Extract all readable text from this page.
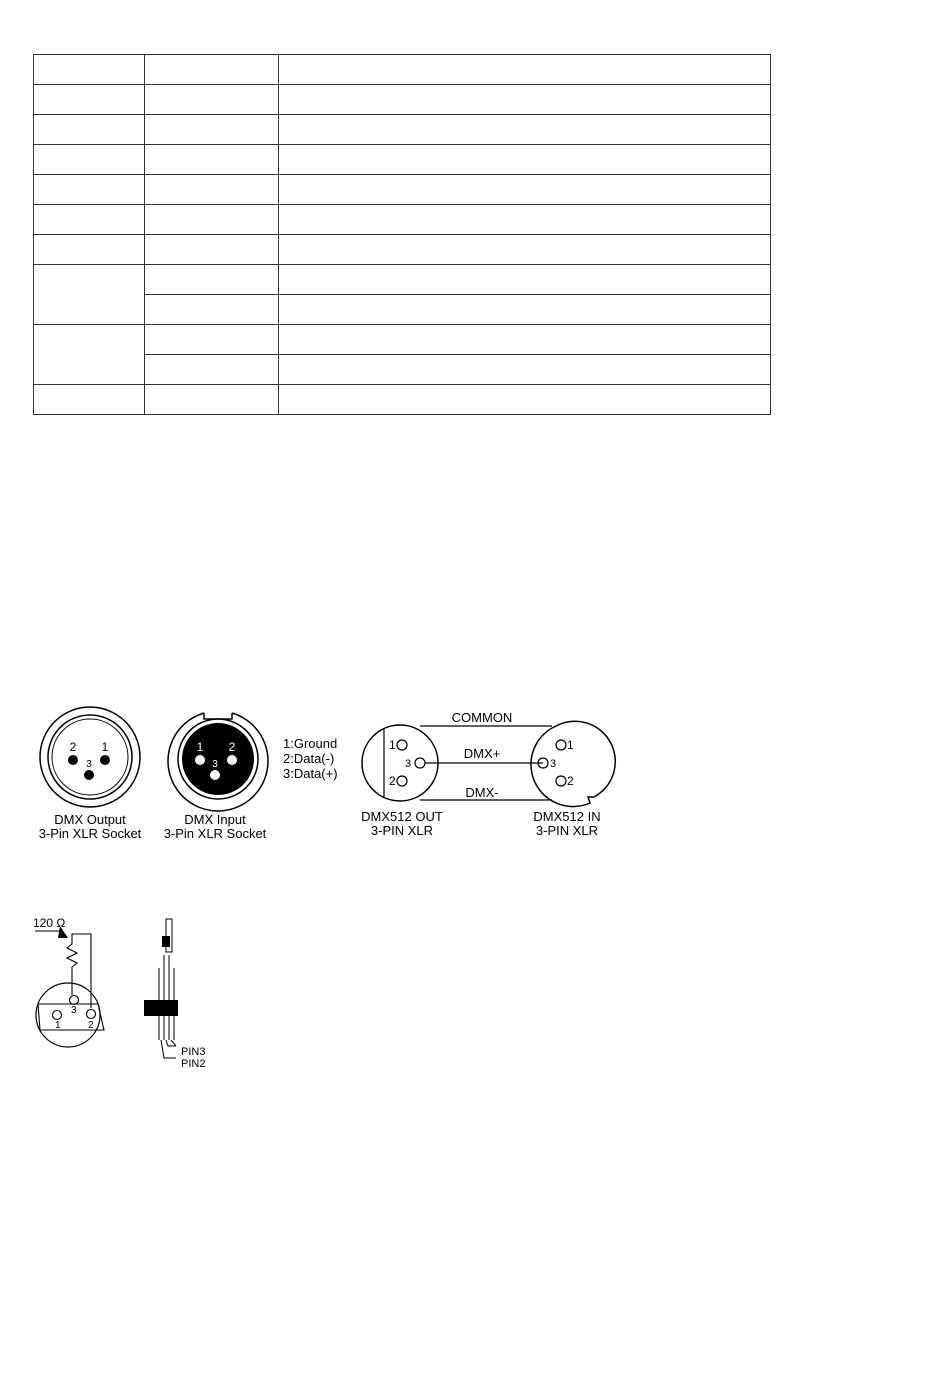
2 1
3
DMX Output
3-Pin XLR Socket
1 2
3
DMX Input
3-Pin XLR Socket
1:Ground
2:Data(-)
3:Data(+)
1
3
2
COMMON
DMX+
DMX-
1
3
2
DMX512 OUT
3-PIN XLR
DMX512 IN
3-PIN XLR
120 Ω
3
1	2
PIN3
PIN2
